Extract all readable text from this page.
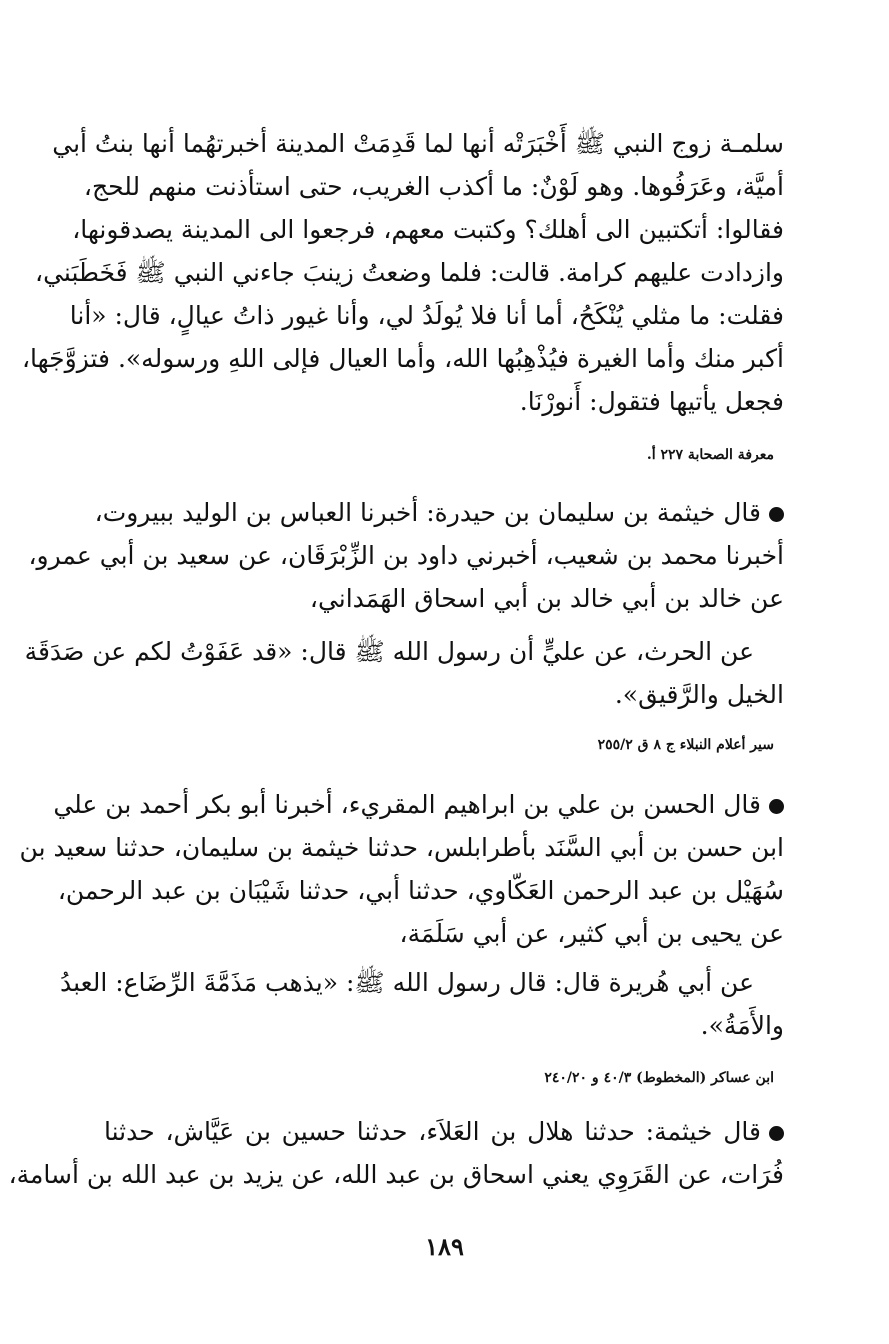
سلمـة زوج النبي ﷺ أَخْبَرَتْه أنها لما قَدِمَتْ المدينة أخبرتهُما أنها بنتُ أبي
أميَّة، وعَرَفُوها. وهو لَوْنٌ: ما أكذب الغريب، حتى استأذنت منهم للحج،
فقالوا: أتكتبين الى أهلك؟ وكتبت معهم، فرجعوا الى المدينة يصدقونها،
وازدادت عليهم كرامة. قالت: فلما وضعتُ زينبَ جاءني النبي ﷺ فَخَطَبَني،
فقلت: ما مثلي يُنْكَحُ، أما أنا فلا يُولَدُ لي، وأنا غيور ذاتُ عيالٍ، قال: «أنا
أكبر منك وأما الغيرة فيُذْهِبُها الله، وأما العيال فإلى اللهِ ورسوله». فتزوَّجَها،
فجعل يأتيها فتقول: أَنورْنَا.
معرفة الصحابة ٢٢٧ أ.
قال خيثمة بن سليمان بن حيدرة: أخبرنا العباس بن الوليد ببيروت،
أخبرنا محمد بن شعيب، أخبرني داود بن الزِّبْرَقَان، عن سعيد بن أبي عمرو،
عن خالد بن أبي خالد بن أبي اسحاق الهَمَداني،
عن الحرث، عن عليٍّ أن رسول الله ﷺ قال: «قد عَفَوْتُ لكم عن صَدَقَة
الخيل والرَّقيق».
سير أعلام النبلاء ج ٨ ق ٢٥٥/٢
قال الحسن بن علي بن ابراهيم المقريء، أخبرنا أبو بكر أحمد بن علي
ابن حسن بن أبي السَّنَد بأطرابلس، حدثنا خيثمة بن سليمان، حدثنا سعيد بن
سُهَيْل بن عبد الرحمن العَكّاوي، حدثنا أبي، حدثنا شَيْبَان بن عبد الرحمن،
عن يحيى بن أبي كثير، عن أبي سَلَمَة،
عن أبي هُريرة قال: قال رسول الله ﷺ: «يذهب مَذَمَّةَ الرِّضَاع: العبدُ
والأَمَةُ».
ابن عساكر (المخطوط) ٤٠/٣ و ٢٤٠/٢٠
قال خيثمة: حدثنا هلال بن العَلاَء، حدثنا حسين بن عَيَّاش، حدثنا
فُرَات، عن القَرَوِي يعني اسحاق بن عبد الله، عن يزيد بن عبد الله بن أسامة،
١٨٩
